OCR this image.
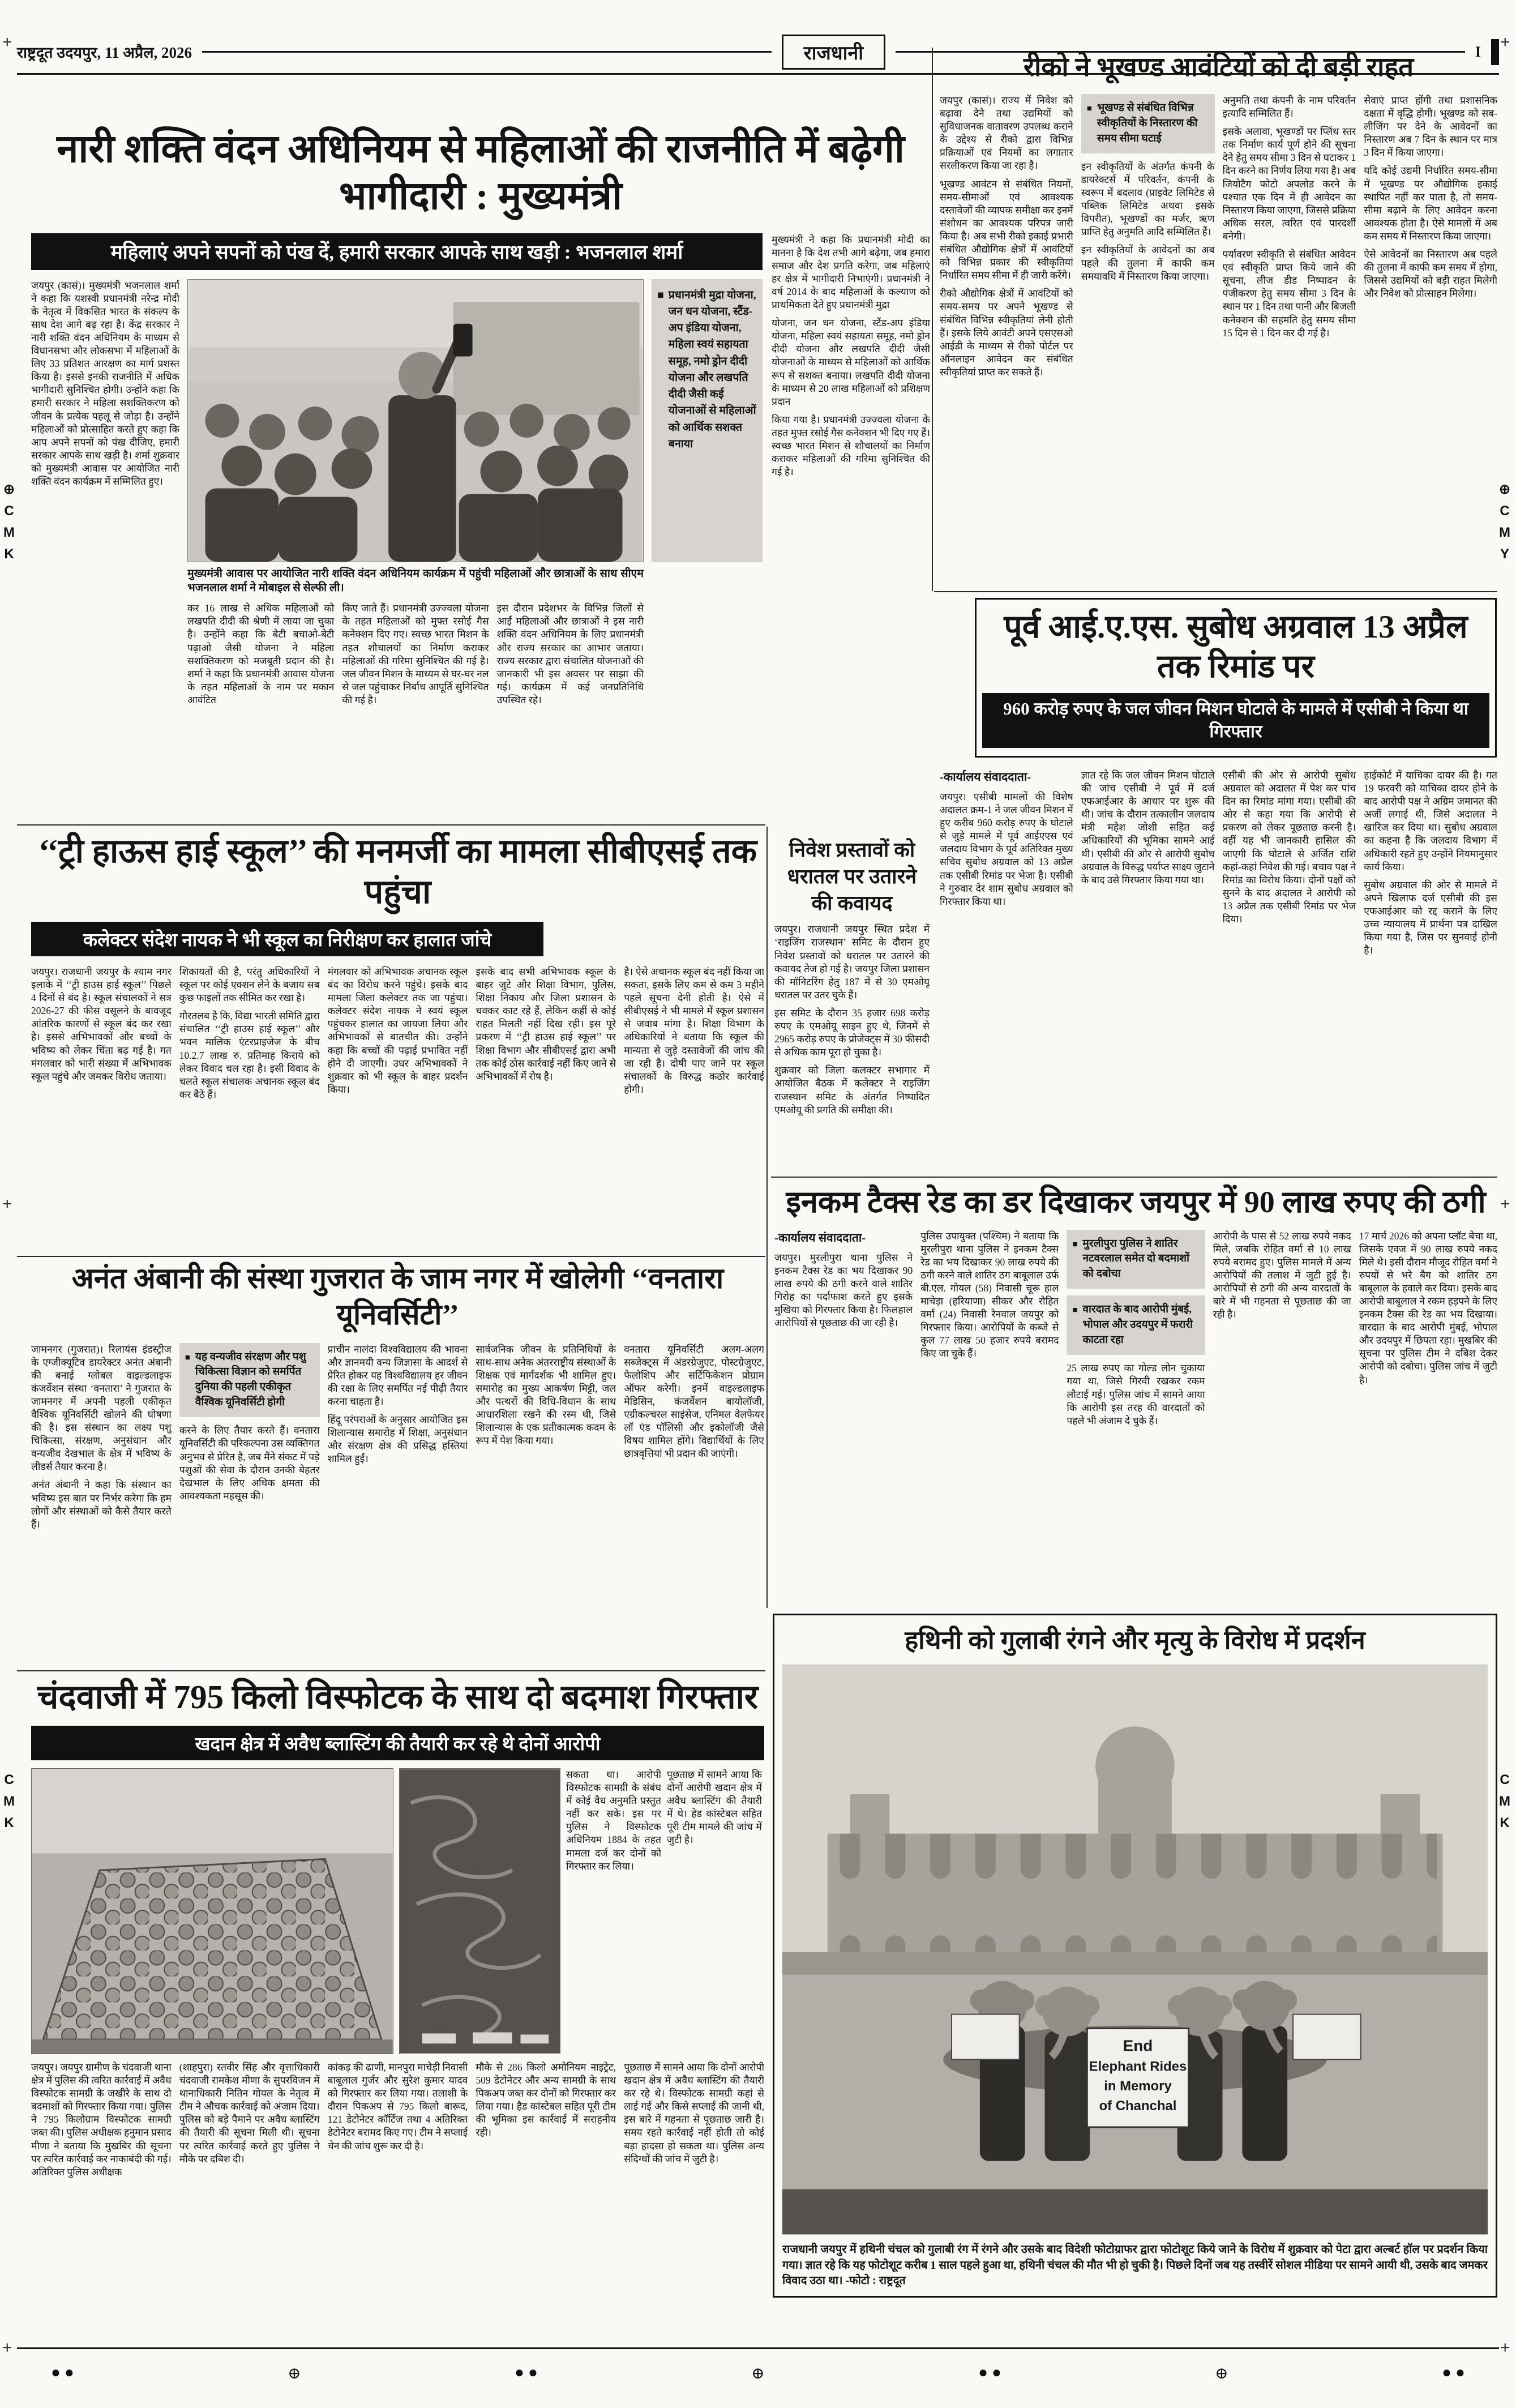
+	+
+	+
+	+
⊕
C
M
K
⊕
C
M
Y
C
M
K
C
M
K
राष्ट्रदूत उदयपुर, 11 अप्रैल, 2026	राजधानी	I
नारी शक्ति वंदन अधिनियम से महिलाओं की राजनीति में बढ़ेगी भागीदारी : मुख्यमंत्री
महिलाएं अपने सपनों को पंख दें, हमारी सरकार आपके साथ खड़ी : भजनलाल शर्मा

जयपुर (कासं)। मुख्यमंत्री भजनलाल शर्मा ने कहा कि यशस्वी प्रधानमंत्री नरेन्द्र मोदी के नेतृत्व में विकसित भारत के संकल्प के साथ देश आगे बढ़ रहा है। केंद्र सरकार ने नारी शक्ति वंदन अधिनियम के माध्यम से विधानसभा और लोकसभा में महिलाओं के लिए 33 प्रतिशत आरक्षण का मार्ग प्रशस्त किया है। इससे इनकी राजनीति में अधिक भागीदारी सुनिश्चित होगी। उन्होंने कहा कि हमारी सरकार ने महिला सशक्तिकरण को जीवन के प्रत्येक पहलू से जोड़ा है। उन्होंने महिलाओं को प्रोत्साहित करते हुए कहा कि आप अपने सपनों को पंख दीजिए, हमारी सरकार आपके साथ खड़ी है। शर्मा शुक्रवार को मुख्यमंत्री आवास पर आयोजित नारी शक्ति वंदन कार्यक्रम में सम्मिलित हुए।

मुख्यमंत्री आवास पर आयोजित नारी शक्ति वंदन अधिनियम कार्यक्रम में पहुंची महिलाओं और छात्राओं के साथ सीएम भजनलाल शर्मा ने मोबाइल से सेल्फी ली।

कर 16 लाख से अधिक महिलाओं को लखपति दीदी की श्रेणी में लाया जा चुका है। उन्होंने कहा कि बेटी बचाओ-बेटी पढ़ाओ जैसी योजना ने महिला सशक्तिकरण को मजबूती प्रदान की है। शर्मा ने कहा कि प्रधानमंत्री आवास योजना के तहत महिलाओं के नाम पर मकान आवंटित

किए जाते हैं। प्रधानमंत्री उज्ज्वला योजना के तहत महिलाओं को मुफ्त रसोई गैस कनेक्शन दिए गए। स्वच्छ भारत मिशन के तहत शौचालयों का निर्माण कराकर महिलाओं की गरिमा सुनिश्चित की गई है। जल जीवन मिशन के माध्यम से घर-घर नल से जल पहुंचाकर निर्बाध आपूर्ति सुनिश्चित की गई है।

इस दौरान प्रदेशभर के विभिन्न जिलों से आईं महिलाओं और छात्राओं ने इस नारी शक्ति वंदन अधिनियम के लिए प्रधानमंत्री और राज्य सरकार का आभार जताया। राज्य सरकार द्वारा संचालित योजनाओं की जानकारी भी इस अवसर पर साझा की गई। कार्यक्रम में कई जनप्रतिनिधि उपस्थित रहे।

■ प्रधानमंत्री मुद्रा योजना, जन धन योजना, स्टैंड-अप इंडिया योजना, महिला स्वयं सहायता समूह, नमो ड्रोन दीदी योजना और लखपति दीदी जैसी कई योजनाओं से महिलाओं को आर्थिक सशक्त बनाया

मुख्यमंत्री ने कहा कि प्रधानमंत्री मोदी का मानना है कि देश तभी आगे बढ़ेगा, जब हमारा समाज और देश प्रगति करेगा, जब महिलाएं हर क्षेत्र में भागीदारी निभाएंगी। प्रधानमंत्री ने वर्ष 2014 के बाद महिलाओं के कल्याण को प्राथमिकता देते हुए प्रधानमंत्री मुद्रा

योजना, जन धन योजना, स्टैंड-अप इंडिया योजना, महिला स्वयं सहायता समूह, नमो ड्रोन दीदी योजना और लखपति दीदी जैसी योजनाओं के माध्यम से महिलाओं को आर्थिक रूप से सशक्त बनाया। लखपति दीदी योजना के माध्यम से 20 लाख महिलाओं को प्रशिक्षण प्रदान

किया गया है। प्रधानमंत्री उज्ज्वला योजना के तहत मुफ्त रसोई गैस कनेक्शन भी दिए गए हैं। स्वच्छ भारत मिशन से शौचालयों का निर्माण कराकर महिलाओं की गरिमा सुनिश्चित की गई है।

रीको ने भूखण्ड आवंटियों को दी बड़ी राहत

जयपुर (कासं)। राज्य में निवेश को बढ़ावा देने तथा उद्यमियों को सुविधाजनक वातावरण उपलब्ध कराने के उद्देश्य से रीको द्वारा विभिन्न प्रक्रियाओं एवं नियमों का लगातार सरलीकरण किया जा रहा है।

भूखण्ड आवंटन से संबंधित नियमों, समय-सीमाओं एवं आवश्यक दस्तावेजों की व्यापक समीक्षा कर इनमें संशोधन का आवश्यक परिपत्र जारी किया है। अब सभी रीको इकाई प्रभारी संबंधित औद्योगिक क्षेत्रों में आवंटियों को विभिन्न प्रकार की स्वीकृतियां निर्धारित समय सीमा में ही जारी करेंगे।

रीको औद्योगिक क्षेत्रों में आवंटियों को समय-समय पर अपने भूखण्ड से संबंधित विभिन्न स्वीकृतियां लेनी होती हैं। इसके लिये आवंटी अपने एसएसओ आईडी के माध्यम से रीको पोर्टल पर ऑनलाइन आवेदन कर संबंधित स्वीकृतियां प्राप्त कर सकते हैं।

■ भूखण्ड से संबंधित विभिन्न स्वीकृतियों के निस्तारण की समय सीमा घटाई

इन स्वीकृतियों के अंतर्गत कंपनी के डायरेक्टर्स में परिवर्तन, कंपनी के स्वरूप में बदलाव (प्राइवेट लिमिटेड से पब्लिक लिमिटेड अथवा इसके विपरीत), भूखण्डों का मर्जर, ऋण प्राप्ति हेतु अनुमति आदि सम्मिलित हैं।

इन स्वीकृतियों के आवेदनों का अब पहले की तुलना में काफी कम समयावधि में निस्तारण किया जाएगा।

अनुमति तथा कंपनी के नाम परिवर्तन इत्यादि सम्मिलित हैं।

इसके अलावा, भूखण्डों पर प्लिंथ स्तर तक निर्माण कार्य पूर्ण होने की सूचना देने हेतु समय सीमा 3 दिन से घटाकर 1 दिन करने का निर्णय लिया गया है। अब जियोटैग फोटो अपलोड करने के पश्चात एक दिन में ही आवेदन का निस्तारण किया जाएगा, जिससे प्रक्रिया अधिक सरल, त्वरित एवं पारदर्शी बनेगी।

पर्यावरण स्वीकृति से संबंधित आवेदन एवं स्वीकृति प्राप्त किये जाने की सूचना, लीज डीड निष्पादन के पंजीकरण हेतु समय सीमा 3 दिन के स्थान पर 1 दिन तथा पानी और बिजली कनेक्शन की सहमति हेतु समय सीमा 15 दिन से 1 दिन कर दी गई है।

सेवाएं प्राप्त होंगी तथा प्रशासनिक दक्षता में वृद्धि होगी। भूखण्ड को सब-लीजिंग पर देने के आवेदनों का निस्तारण अब 7 दिन के स्थान पर मात्र 3 दिन में किया जाएगा।

यदि कोई उद्यमी निर्धारित समय-सीमा में भूखण्ड पर औद्योगिक इकाई स्थापित नहीं कर पाता है, तो समय-सीमा बढ़ाने के लिए आवेदन करना आवश्यक होता है। ऐसे मामलों में अब कम समय में निस्तारण किया जाएगा।

ऐसे आवेदनों का निस्तारण अब पहले की तुलना में काफी कम समय में होगा, जिससे उद्यमियों को बड़ी राहत मिलेगी और निवेश को प्रोत्साहन मिलेगा।

पूर्व आई.ए.एस. सुबोध अग्रवाल 13 अप्रैल तक रिमांड पर
960 करोड़ रुपए के जल जीवन मिशन घोटाले के मामले में एसीबी ने किया था गिरफ्तार
-कार्यालय संवाददाता-

जयपुर। एसीबी मामलों की विशेष अदालत क्रम-1 ने जल जीवन मिशन में हुए करीब 960 करोड़ रुपए के घोटाले से जुड़े मामले में पूर्व आईएएस एवं जलदाय विभाग के पूर्व अतिरिक्त मुख्य सचिव सुबोध अग्रवाल को 13 अप्रैल तक एसीबी रिमांड पर भेजा है। एसीबी ने गुरुवार देर शाम सुबोध अग्रवाल को गिरफ्तार किया था।

ज्ञात रहे कि जल जीवन मिशन घोटाले की जांच एसीबी ने पूर्व में दर्ज एफआईआर के आधार पर शुरू की थी। जांच के दौरान तत्कालीन जलदाय मंत्री महेश जोशी सहित कई अधिकारियों की भूमिका सामने आई थी। एसीबी की ओर से आरोपी सुबोध अग्रवाल के विरुद्ध पर्याप्त साक्ष्य जुटाने के बाद उसे गिरफ्तार किया गया था।

एसीबी की ओर से आरोपी सुबोध अग्रवाल को अदालत में पेश कर पांच दिन का रिमांड मांगा गया। एसीबी की ओर से कहा गया कि आरोपी से प्रकरण को लेकर पूछताछ करनी है। वहीं यह भी जानकारी हासिल की जाएगी कि घोटाले से अर्जित राशि कहां-कहां निवेश की गई। बचाव पक्ष ने रिमांड का विरोध किया। दोनों पक्षों को सुनने के बाद अदालत ने आरोपी को 13 अप्रैल तक एसीबी रिमांड पर भेज दिया।

हाईकोर्ट में याचिका दायर की है। गत 19 फरवरी को याचिका दायर होने के बाद आरोपी पक्ष ने अग्रिम जमानत की अर्जी लगाई थी, जिसे अदालत ने खारिज कर दिया था। सुबोध अग्रवाल का कहना है कि जलदाय विभाग में अधिकारी रहते हुए उन्होंने नियमानुसार कार्य किया।

सुबोध अग्रवाल की ओर से मामले में अपने खिलाफ दर्ज एसीबी की इस एफआईआर को रद्द कराने के लिए उच्च न्यायालय में प्रार्थना पत्र दाखिल किया गया है, जिस पर सुनवाई होनी है।

‘‘ट्री हाऊस हाई स्कूल’’ की मनमर्जी का मामला सीबीएसई तक पहुंचा
कलेक्टर संदेश नायक ने भी स्कूल का निरीक्षण कर हालात जांचे

जयपुर। राजधानी जयपुर के श्याम नगर इलाके में ‘‘ट्री हाउस हाई स्कूल’’ पिछले 4 दिनों से बंद है। स्कूल संचालकों ने सत्र 2026-27 की फीस वसूलने के बावजूद आंतरिक कारणों से स्कूल बंद कर रखा है। इससे अभिभावकों और बच्चों के भविष्य को लेकर चिंता बढ़ गई है। गत मंगलवार को भारी संख्या में अभिभावक स्कूल पहुंचे और जमकर विरोध जताया।

शिकायतों की है, परंतु अधिकारियों ने स्कूल पर कोई एक्शन लेने के बजाय सब कुछ फाइलों तक सीमित कर रखा है।

गौरतलब है कि, विद्या भारती समिति द्वारा संचालित ‘‘ट्री हाउस हाई स्कूल’’ और भवन मालिक एंटरप्राइजेज के बीच 10.2.7 लाख रु. प्रतिमाह किराये को लेकर विवाद चल रहा है। इसी विवाद के चलते स्कूल संचालक अचानक स्कूल बंद कर बैठे हैं।

मंगलवार को अभिभावक अचानक स्कूल बंद का विरोध करने पहुंचे। इसके बाद मामला जिला कलेक्टर तक जा पहुंचा। कलेक्टर संदेश नायक ने स्वयं स्कूल पहुंचकर हालात का जायजा लिया और अभिभावकों से बातचीत की। उन्होंने कहा कि बच्चों की पढ़ाई प्रभावित नहीं होने दी जाएगी। उधर अभिभावकों ने शुक्रवार को भी स्कूल के बाहर प्रदर्शन किया।

इसके बाद सभी अभिभावक स्कूल के बाहर जुटे और शिक्षा विभाग, पुलिस, शिक्षा निकाय और जिला प्रशासन के चक्कर काट रहे हैं, लेकिन कहीं से कोई राहत मिलती नहीं दिख रही। इस पूरे प्रकरण में ‘‘ट्री हाउस हाई स्कूल’’ पर शिक्षा विभाग और सीबीएसई द्वारा अभी तक कोई ठोस कार्रवाई नहीं किए जाने से अभिभावकों में रोष है।

है। ऐसे अचानक स्कूल बंद नहीं किया जा सकता, इसके लिए कम से कम 3 महीने पहले सूचना देनी होती है। ऐसे में सीबीएसई ने भी मामले में स्कूल प्रशासन से जवाब मांगा है। शिक्षा विभाग के अधिकारियों ने बताया कि स्कूल की मान्यता से जुड़े दस्तावेजों की जांच की जा रही है। दोषी पाए जाने पर स्कूल संचालकों के विरुद्ध कठोर कार्रवाई होगी।

निवेश प्रस्तावों को धरातल पर उतारने की कवायद

जयपुर। राजधानी जयपुर स्थित प्रदेश में ‘राइजिंग राजस्थान’ समिट के दौरान हुए निवेश प्रस्तावों को धरातल पर उतारने की कवायद तेज हो गई है। जयपुर जिला प्रशासन की मॉनिटरिंग हेतु 187 में से 30 एमओयू धरातल पर उतर चुके हैं।

इस समिट के दौरान 35 हजार 698 करोड़ रुपए के एमओयू साइन हुए थे, जिनमें से 2965 करोड़ रुपए के प्रोजेक्ट्स में 30 फीसदी से अधिक काम पूरा हो चुका है।

शुक्रवार को जिला कलक्टर सभागार में आयोजित बैठक में कलेक्टर ने राइजिंग राजस्थान समिट के अंतर्गत निष्पादित एमओयू की प्रगति की समीक्षा की।

इनकम टैक्स रेड का डर दिखाकर जयपुर में 90 लाख रुपए की ठगी
-कार्यालय संवाददाता-

जयपुर। मुरलीपुरा थाना पुलिस ने इनकम टैक्स रेड का भय दिखाकर 90 लाख रुपये की ठगी करने वाले शातिर गिरोह का पर्दाफाश करते हुए इसके मुखिया को गिरफ्तार किया है। फिलहाल आरोपियों से पूछताछ की जा रही है।

पुलिस उपायुक्त (पश्चिम) ने बताया कि मुरलीपुरा थाना पुलिस ने इनकम टैक्स रेड का भय दिखाकर 90 लाख रुपये की ठगी करने वाले शातिर ठग बाबूलाल उर्फ बी.एल. गोयल (58) निवासी चूरू हाल माचेड़ा (हरियाणा) सीकर और रोहित वर्मा (24) निवासी रेनवाल जयपुर को गिरफ्तार किया। आरोपियों के कब्जे से कुल 77 लाख 50 हजार रुपये बरामद किए जा चुके हैं।

■ मुरलीपुरा पुलिस ने शातिर नटवरलाल समेत दो बदमाशों को दबोचा
■ वारदात के बाद आरोपी मुंबई, भोपाल और उदयपुर में फरारी काटता रहा

25 लाख रुपए का गोल्ड लोन चुकाया गया था, जिसे गिरवी रखकर रकम लौटाई गई। पुलिस जांच में सामने आया कि आरोपी इस तरह की वारदातों को पहले भी अंजाम दे चुके हैं।

आरोपी के पास से 52 लाख रुपये नकद मिले, जबकि रोहित वर्मा से 10 लाख रुपये बरामद हुए। पुलिस मामले में अन्य आरोपियों की तलाश में जुटी हुई है। आरोपियों से ठगी की अन्य वारदातों के बारे में भी गहनता से पूछताछ की जा रही है।

17 मार्च 2026 को अपना प्लॉट बेचा था, जिसके एवज में 90 लाख रुपये नकद मिले थे। इसी दौरान मौजूद रोहित वर्मा ने रुपयों से भरे बैग को शातिर ठग बाबूलाल के हवाले कर दिया। इसके बाद आरोपी बाबूलाल ने रकम हड़पने के लिए इनकम टैक्स की रेड का भय दिखाया। वारदात के बाद आरोपी मुंबई, भोपाल और उदयपुर में छिपता रहा। मुखबिर की सूचना पर पुलिस टीम ने दबिश देकर आरोपी को दबोचा। पुलिस जांच में जुटी है।

अनंत अंबानी की संस्था गुजरात के जाम नगर में खोलेगी ‘‘वनतारा यूनिवर्सिटी’’

जामनगर (गुजरात)। रिलायंस इंडस्ट्रीज के एग्जीक्यूटिव डायरेक्टर अनंत अंबानी की बनाई ग्लोबल वाइल्डलाइफ कंजर्वेशन संस्था ‘वनतारा’ ने गुजरात के जामनगर में अपनी पहली एकीकृत वैश्विक यूनिवर्सिटी खोलने की घोषणा की है। इस संस्थान का लक्ष्य पशु चिकित्सा, संरक्षण, अनुसंधान और वन्यजीव देखभाल के क्षेत्र में भविष्य के लीडर्स तैयार करना है।

अनंत अंबानी ने कहा कि संस्थान का भविष्य इस बात पर निर्भर करेगा कि हम लोगों और संस्थाओं को कैसे तैयार करते हैं।

■ यह वन्यजीव संरक्षण और पशु चिकित्सा विज्ञान को समर्पित दुनिया की पहली एकीकृत वैश्विक यूनिवर्सिटी होगी

करने के लिए तैयार करते हैं। वनतारा यूनिवर्सिटी की परिकल्पना उस व्यक्तिगत अनुभव से प्रेरित है, जब मैंने संकट में पड़े पशुओं की सेवा के दौरान उनकी बेहतर देखभाल के लिए अधिक क्षमता की आवश्यकता महसूस की।

प्राचीन नालंदा विश्वविद्यालय की भावना और ज्ञानमयी वन्य जिज्ञासा के आदर्श से प्रेरित होकर यह विश्वविद्यालय हर जीवन की रक्षा के लिए समर्पित नई पीढ़ी तैयार करना चाहता है।

हिंदू परंपराओं के अनुसार आयोजित इस शिलान्यास समारोह में शिक्षा, अनुसंधान और संरक्षण क्षेत्र की प्रसिद्ध हस्तियां शामिल हुईं।

सार्वजनिक जीवन के प्रतिनिधियों के साथ-साथ अनेक अंतरराष्ट्रीय संस्थाओं के शिक्षक एवं मार्गदर्शक भी शामिल हुए। समारोह का मुख्य आकर्षण मिट्टी, जल और पत्थरों की विधि-विधान के साथ आधारशिला रखने की रस्म थी, जिसे शिलान्यास के एक प्रतीकात्मक कदम के रूप में पेश किया गया।

वनतारा यूनिवर्सिटी अलग-अलग सब्जेक्ट्स में अंडरग्रेजुएट, पोस्टग्रेजुएट, फेलोशिप और सर्टिफिकेशन प्रोग्राम ऑफर करेगी। इनमें वाइल्डलाइफ मेडिसिन, कंजर्वेशन बायोलॉजी, एग्रीकल्चरल साइंसेज, एनिमल वेलफेयर लॉ एंड पॉलिसी और इकोलॉजी जैसे विषय शामिल होंगे। विद्यार्थियों के लिए छात्रवृत्तियां भी प्रदान की जाएंगी।

चंदवाजी में 795 किलो विस्फोटक के साथ दो बदमाश गिरफ्तार
खदान क्षेत्र में अवैध ब्लास्टिंग की तैयारी कर रहे थे दोनों आरोपी

सकता था। आरोपी विस्फोटक सामग्री के संबंध में कोई वैध अनुमति प्रस्तुत नहीं कर सके। इस पर पुलिस ने विस्फोटक अधिनियम 1884 के तहत मामला दर्ज कर दोनों को गिरफ्तार कर लिया।

पूछताछ में सामने आया कि दोनों आरोपी खदान क्षेत्र में अवैध ब्लास्टिंग की तैयारी में थे। हेड कांस्टेबल सहित पूरी टीम मामले की जांच में जुटी है।

जयपुर। जयपुर ग्रामीण के चंदवाजी थाना क्षेत्र में पुलिस की त्वरित कार्रवाई में अवैध विस्फोटक सामग्री के जखीरे के साथ दो बदमाशों को गिरफ्तार किया गया। पुलिस ने 795 किलोग्राम विस्फोटक सामग्री जब्त की। पुलिस अधीक्षक हनुमान प्रसाद मीणा ने बताया कि मुखबिर की सूचना पर त्वरित कार्रवाई कर नाकाबंदी की गई। अतिरिक्त पुलिस अधीक्षक

(शाहपुरा) रतवीर सिंह और वृत्ताधिकारी चंदवाजी रामकेश मीणा के सुपरविजन में थानाधिकारी नितिन गोयल के नेतृत्व में टीम ने औचक कार्रवाई को अंजाम दिया। पुलिस को बड़े पैमाने पर अवैध ब्लास्टिंग की तैयारी की सूचना मिली थी। सूचना पर त्वरित कार्रवाई करते हुए पुलिस ने मौके पर दबिश दी।

कांकड़ की ढाणी, मानपुरा माचेड़ी निवासी बाबूलाल गुर्जर और सुरेश कुमार यादव को गिरफ्तार कर लिया गया। तलाशी के दौरान पिकअप से 795 किलो बारूद, 121 डेटोनेटर कॉर्टिज तथा 4 अतिरिक्त डेटोनेटर बरामद किए गए। टीम ने सप्लाई चेन की जांच शुरू कर दी है।

मौके से 286 किलो अमोनियम नाइट्रेट, 509 डेटोनेटर और अन्य सामग्री के साथ पिकअप जब्त कर दोनों को गिरफ्तार कर लिया गया। हैड कांस्टेबल सहित पूरी टीम की भूमिका इस कार्रवाई में सराहनीय रही।

पूछताछ में सामने आया कि दोनों आरोपी खदान क्षेत्र में अवैध ब्लास्टिंग की तैयारी कर रहे थे। विस्फोटक सामग्री कहां से लाई गई और किसे सप्लाई की जानी थी, इस बारे में गहनता से पूछताछ जारी है। समय रहते कार्रवाई नहीं होती तो कोई बड़ा हादसा हो सकता था। पुलिस अन्य संदिग्धों की जांच में जुटी है।

हथिनी को गुलाबी रंगने और मृत्यु के विरोध में प्रदर्शन
End
Elephant Rides
in Memory
of Chanchal
राजधानी जयपुर में हथिनी चंचल को गुलाबी रंग में रंगने और उसके बाद विदेशी फोटोग्राफर द्वारा फोटोशूट किये जाने के विरोध में शुक्रवार को पेटा द्वारा अल्बर्ट हॉल पर प्रदर्शन किया गया। ज्ञात रहे कि यह फोटोशूट करीब 1 साल पहले हुआ था, हथिनी चंचल की मौत भी हो चुकी है। पिछले दिनों जब यह तस्वीरें सोशल मीडिया पर सामने आयी थी, उसके बाद जमकर विवाद उठा था। -फोटो : राष्ट्रदूत
● ●	⊕	● ●	⊕	● ●	⊕	● ●
